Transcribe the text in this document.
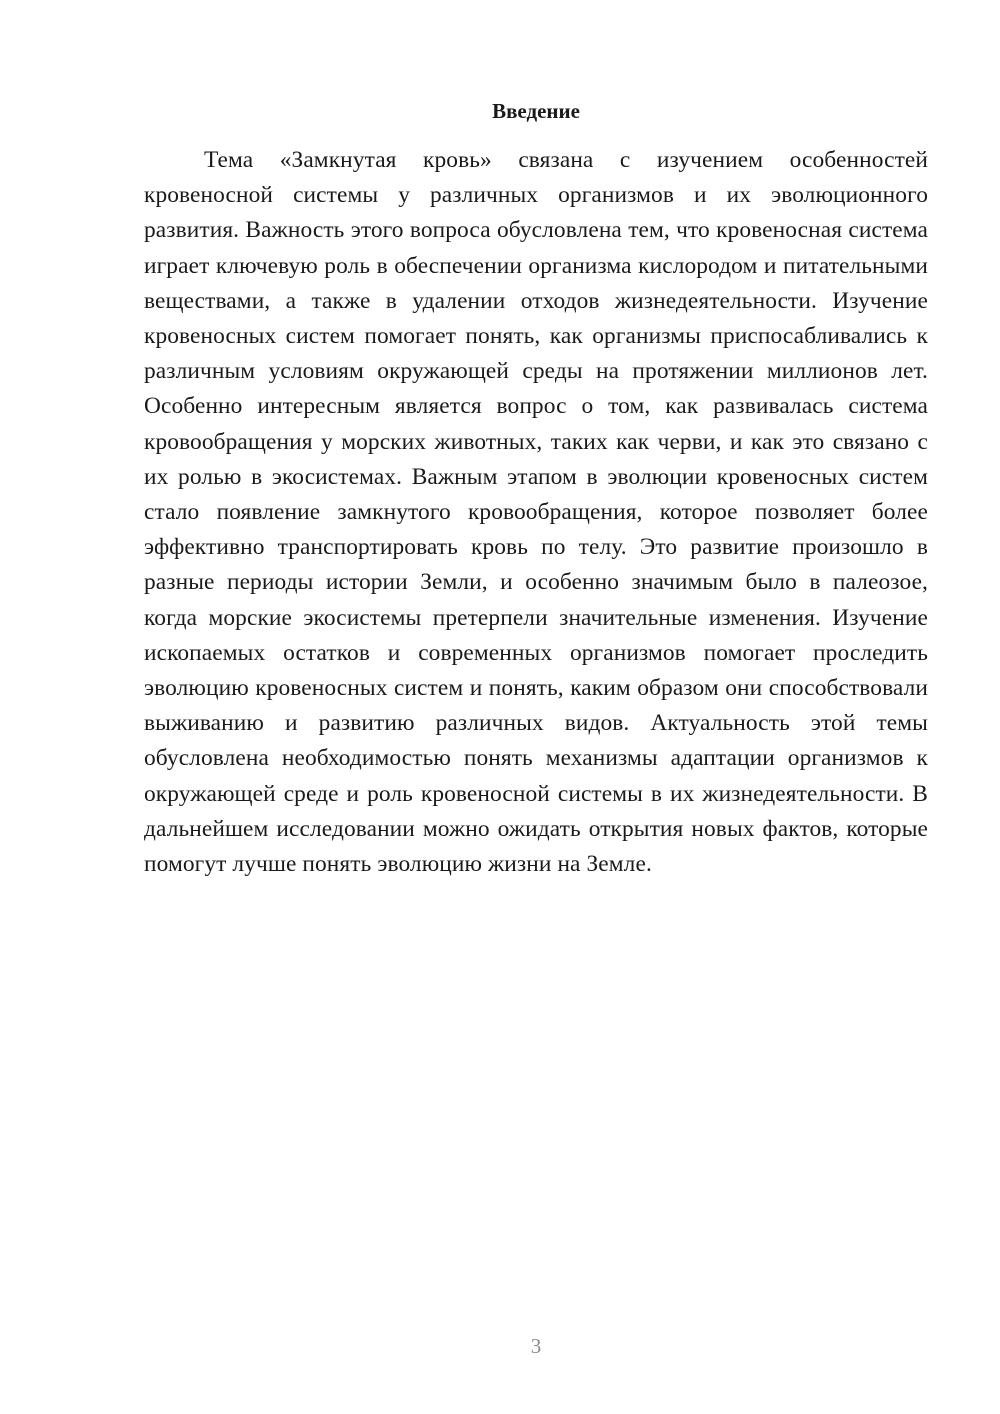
Введение

Тема «Замкнутая кровь» связана с изучением особенностей кровеносной системы у различных организмов и их эволюционного развития. Важность этого вопроса обусловлена тем, что кровеносная система играет ключевую роль в обеспечении организма кислородом и питательными веществами, а также в удалении отходов жизнедеятельности. Изучение кровеносных систем помогает понять, как организмы приспосабливались к различным условиям окружающей среды на протяжении миллионов лет. Особенно интересным является вопрос о том, как развивалась система кровообращения у морских животных, таких как черви, и как это связано с их ролью в экосистемах. Важным этапом в эволюции кровеносных систем стало появление замкнутого кровообращения, которое позволяет более эффективно транспортировать кровь по телу. Это развитие произошло в разные периоды истории Земли, и особенно значимым было в палеозое, когда морские экосистемы претерпели значительные изменения. Изучение ископаемых остатков и современных организмов помогает проследить эволюцию кровеносных систем и понять, каким образом они способствовали выживанию и развитию различных видов. Актуальность этой темы обусловлена необходимостью понять механизмы адаптации организмов к окружающей среде и роль кровеносной системы в их жизнедеятельности. В дальнейшем исследовании можно ожидать открытия новых фактов, которые помогут лучше понять эволюцию жизни на Земле.

3
